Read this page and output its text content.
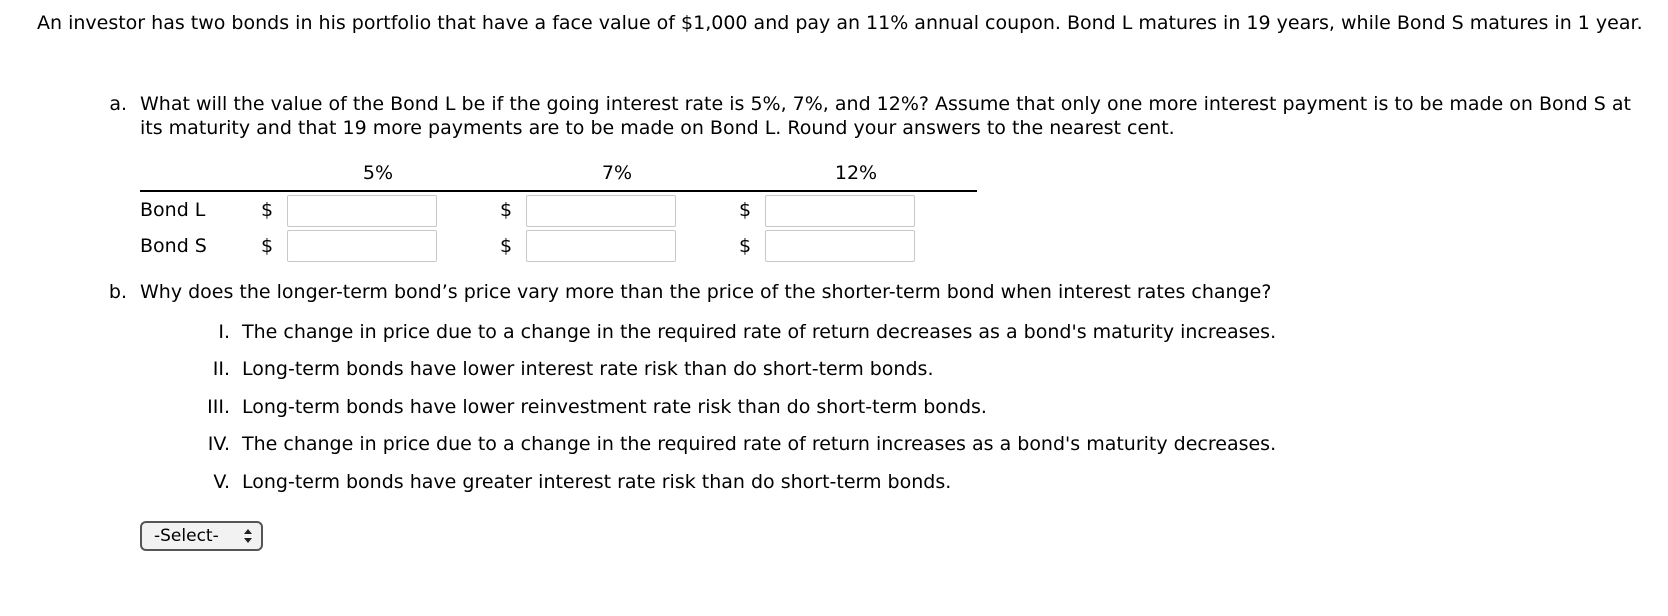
An investor has two bonds in his portfolio that have a face value of $1,000 and pay an 11% annual coupon. Bond L matures in 19 years, while Bond S matures in 1 year.
a. What will the value of the Bond L be if the going interest rate is 5%, 7%, and 12%? Assume that only one more interest payment is to be made on Bond S at its maturity and that 19 more payments are to be made on Bond L. Round your answers to the nearest cent.
5%	7%	12%
Bond L	$	$	$
Bond S	$	$	$
b. Why does the longer-term bond’s price vary more than the price of the shorter-term bond when interest rates change?
I. The change in price due to a change in the required rate of return decreases as a bond's maturity increases.
II. Long-term bonds have lower interest rate risk than do short-term bonds.
III. Long-term bonds have lower reinvestment rate risk than do short-term bonds.
IV. The change in price due to a change in the required rate of return increases as a bond's maturity decreases.
V. Long-term bonds have greater interest rate risk than do short-term bonds.
-Select-
